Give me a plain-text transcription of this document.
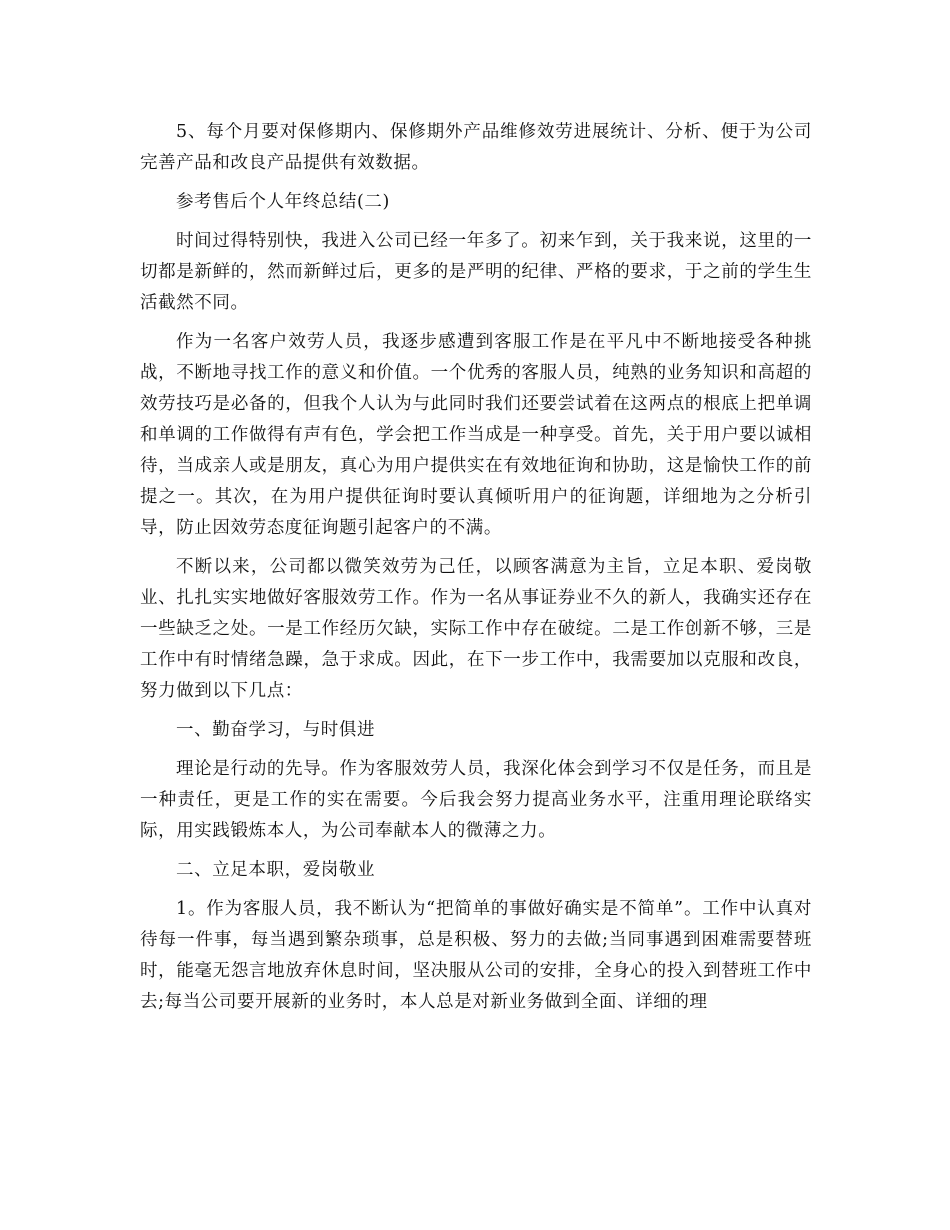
5、每个月要对保修期内、保修期外产品维修效劳进展统计、分析、便于为公司完善产品和改良产品提供有效数据。

参考售后个人年终总结(二)

时间过得特别快，我进入公司已经一年多了。初来乍到，关于我来说，这里的一切都是新鲜的，然而新鲜过后，更多的是严明的纪律、严格的要求，于之前的学生生活截然不同。

作为一名客户效劳人员，我逐步感遭到客服工作是在平凡中不断地接受各种挑战，不断地寻找工作的意义和价值。一个优秀的客服人员，纯熟的业务知识和高超的效劳技巧是必备的，但我个人认为与此同时我们还要尝试着在这两点的根底上把单调和单调的工作做得有声有色，学会把工作当成是一种享受。首先，关于用户要以诚相待，当成亲人或是朋友，真心为用户提供实在有效地征询和协助，这是愉快工作的前提之一。其次，在为用户提供征询时要认真倾听用户的征询题，详细地为之分析引导，防止因效劳态度征询题引起客户的不满。

不断以来，公司都以微笑效劳为己任，以顾客满意为主旨，立足本职、爱岗敬业、扎扎实实地做好客服效劳工作。作为一名从事证券业不久的新人，我确实还存在一些缺乏之处。一是工作经历欠缺，实际工作中存在破绽。二是工作创新不够，三是工作中有时情绪急躁，急于求成。因此，在下一步工作中，我需要加以克服和改良，努力做到以下几点：

一、勤奋学习，与时俱进

理论是行动的先导。作为客服效劳人员，我深化体会到学习不仅是任务，而且是一种责任，更是工作的实在需要。今后我会努力提高业务水平，注重用理论联络实际，用实践锻炼本人，为公司奉献本人的微薄之力。

二、立足本职，爱岗敬业

1。作为客服人员，我不断认为“把简单的事做好确实是不简单”。工作中认真对待每一件事，每当遇到繁杂琐事，总是积极、努力的去做;当同事遇到困难需要替班时，能毫无怨言地放弃休息时间，坚决服从公司的安排，全身心的投入到替班工作中去;每当公司要开展新的业务时，本人总是对新业务做到全面、详细的理
